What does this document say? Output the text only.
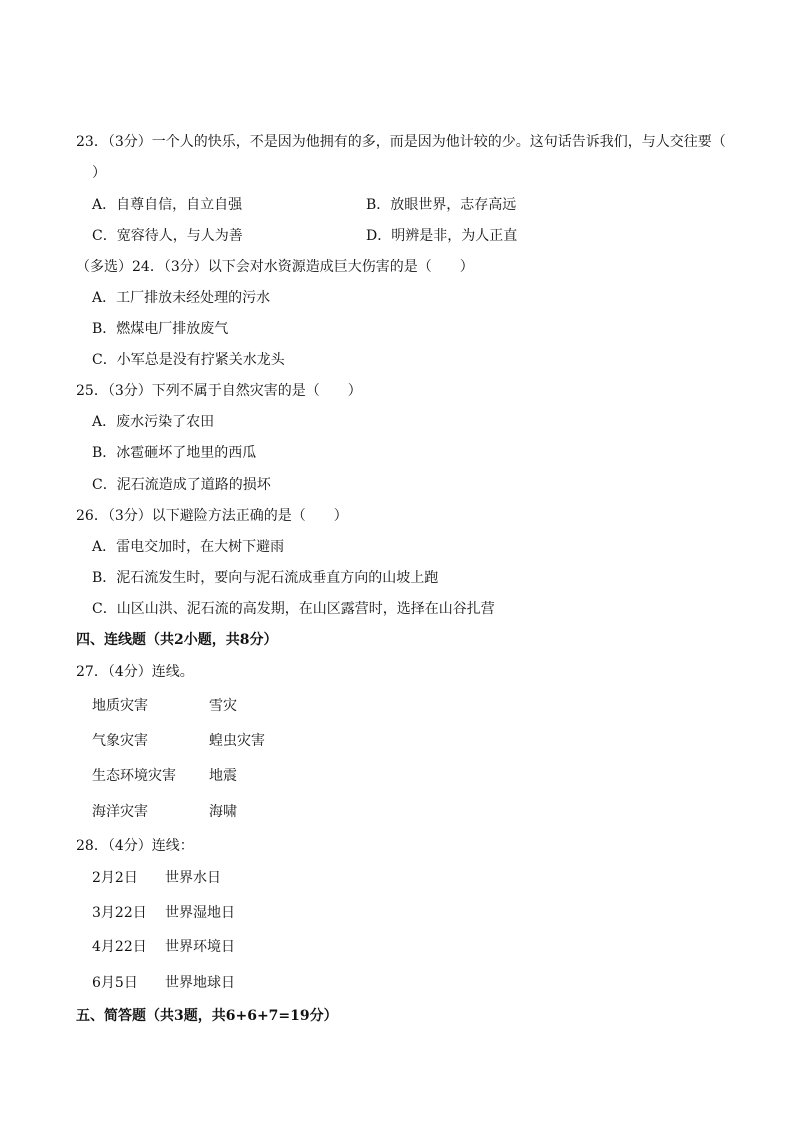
23．（3分）一个人的快乐，不是因为他拥有的多，而是因为他计较的少。这句话告诉我们，与人交往要（
）
A．自尊自信，自立自强	B．放眼世界，志存高远
C．宽容待人，与人为善	D．明辨是非，为人正直
（多选）24．（3分）以下会对水资源造成巨大伤害的是（　　）
A．工厂排放未经处理的污水
B．燃煤电厂排放废气
C．小军总是没有拧紧关水龙头
25．（3分）下列不属于自然灾害的是（　　）
A．废水污染了农田
B．冰雹砸坏了地里的西瓜
C．泥石流造成了道路的损坏
26．（3分）以下避险方法正确的是（　　）
A．雷电交加时，在大树下避雨
B．泥石流发生时，要向与泥石流成垂直方向的山坡上跑
C．山区山洪、泥石流的高发期，在山区露营时，选择在山谷扎营
四、连线题（共2小题，共8分）
27．（4分）连线。
地质灾害	雪灾
气象灾害	蝗虫灾害
生态环境灾害 地震
海洋灾害	海啸
28．（4分）连线：
2月2日 世界水日
3月22日 世界湿地日
4月22日 世界环境日
6月5日 世界地球日
五、简答题（共3题，共6+6+7=19分）
